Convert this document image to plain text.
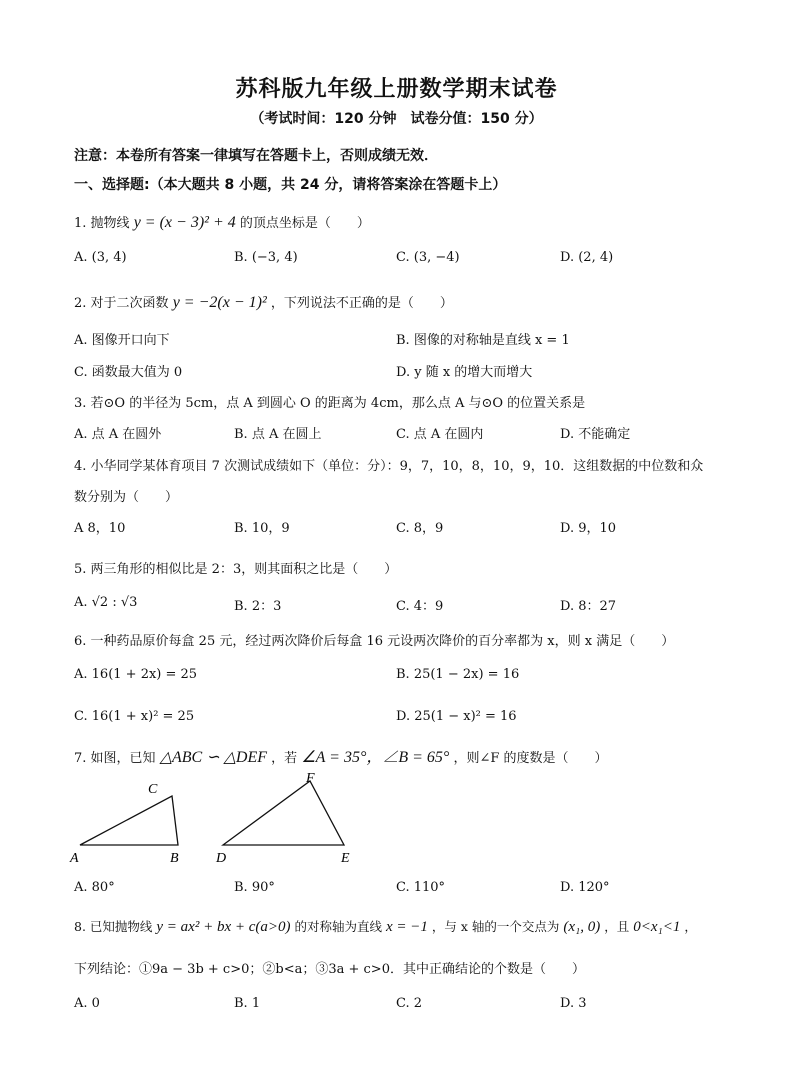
苏科版九年级上册数学期末试卷
（考试时间：120 分钟　试卷分值：150 分）
注意：本卷所有答案一律填写在答题卡上，否则成绩无效．
一、选择题:（本大题共 8 小题，共 24 分，请将答案涂在答题卡上）
1. 抛物线 y = (x − 3)² + 4 的顶点坐标是（　　）
A. (3, 4)	B. (−3, 4)	C. (3, −4)	D. (2, 4)
2. 对于二次函数 y = −2(x − 1)² ，下列说法不正确的是（　　）
A. 图像开口向下	B. 图像的对称轴是直线 x = 1
C. 函数最大值为 0	D. y 随 x 的增大而增大
3. 若⊙O 的半径为 5cm，点 A 到圆心 O 的距离为 4cm，那么点 A 与⊙O 的位置关系是
A. 点 A 在圆外	B. 点 A 在圆上	C. 点 A 在圆内	D. 不能确定
4. 小华同学某体育项目 7 次测试成绩如下（单位：分）：9，7，10，8，10，9，10．这组数据的中位数和众
数分别为（　　）
A 8，10	B. 10，9	C. 8，9	D. 9，10
5. 两三角形的相似比是 2：3，则其面积之比是（　　）
A. √2 : √3	B. 2：3	C. 4：9	D. 8：27
6. 一种药品原价每盒 25 元，经过两次降价后每盒 16 元设两次降价的百分率都为 x，则 x 满足（　　）
A. 16(1 + 2x) = 25	B. 25(1 − 2x) = 16
C. 16(1 + x)² = 25	D. 25(1 − x)² = 16
7. 如图，已知 △ABC ∽ △DEF ，若 ∠A = 35°，∠B = 65° ，则∠F 的度数是（　　）
A	B
C
D	E
F
A. 80°	B. 90°	C. 110°	D. 120°
8. 已知抛物线 y = ax² + bx + c(a>0) 的对称轴为直线 x = −1 ，与 x 轴的一个交点为 (x₁, 0) ，且 0<x₁<1 ，
下列结论：①9a − 3b + c>0；②b<a；③3a + c>0．其中正确结论的个数是（　　）
A. 0	B. 1	C. 2	D. 3
